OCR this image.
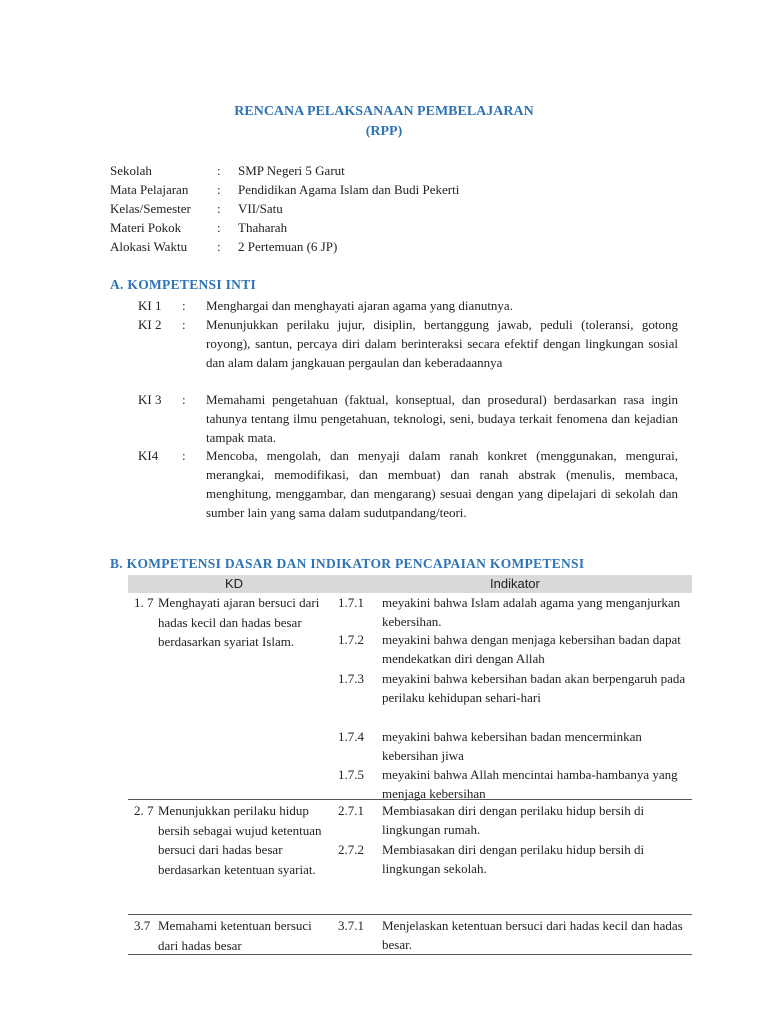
RENCANA PELAKSANAAN PEMBELAJARAN
(RPP)
Sekolah	: SMP Negeri 5 Garut
Mata Pelajaran : Pendidikan Agama Islam dan Budi Pekerti
Kelas/Semester : VII/Satu
Materi Pokok	: Thaharah
Alokasi Waktu : 2 Pertemuan (6 JP)
A. KOMPETENSI INTI
KI 1 : Menghargai dan menghayati ajaran agama yang dianutnya.
KI 2 : Menunjukkan perilaku jujur, disiplin, bertanggung jawab, peduli (toleransi, gotong royong), santun, percaya diri dalam berinteraksi secara efektif dengan lingkungan sosial dan alam dalam jangkauan pergaulan dan keberadaannya
KI 3 : Memahami pengetahuan (faktual, konseptual, dan prosedural) berdasarkan rasa ingin tahunya tentang ilmu pengetahuan, teknologi, seni, budaya terkait fenomena dan kejadian tampak mata.
KI4 : Mencoba, mengolah, dan menyaji dalam ranah konkret (menggunakan, mengurai, merangkai, memodifikasi, dan membuat) dan ranah abstrak (menulis, membaca, menghitung, menggambar, dan mengarang) sesuai dengan yang dipelajari di sekolah dan sumber lain yang sama dalam sudutpandang/teori.
B. KOMPETENSI DASAR DAN INDIKATOR PENCAPAIAN KOMPETENSI
KD	Indikator
1. 7 Menghayati ajaran bersuci dari hadas kecil dan hadas besar berdasarkan syariat Islam.
1.7.1 meyakini bahwa Islam adalah agama yang menganjurkan kebersihan.
1.7.2 meyakini bahwa dengan menjaga kebersihan badan dapat mendekatkan diri dengan Allah
1.7.3 meyakini bahwa kebersihan badan akan berpengaruh pada perilaku kehidupan sehari-hari
1.7.4 meyakini bahwa kebersihan badan mencerminkan kebersihan jiwa
1.7.5 meyakini bahwa Allah mencintai hamba-hambanya yang menjaga kebersihan
2. 7 Menunjukkan perilaku hidup bersih sebagai wujud ketentuan bersuci dari hadas besar berdasarkan ketentuan syariat.
2.7.1 Membiasakan diri dengan perilaku hidup bersih di lingkungan rumah.
2.7.2 Membiasakan diri dengan perilaku hidup bersih di lingkungan sekolah.
3.7 Memahami ketentuan bersuci dari hadas besar
3.7.1 Menjelaskan ketentuan bersuci dari hadas kecil dan hadas besar.
